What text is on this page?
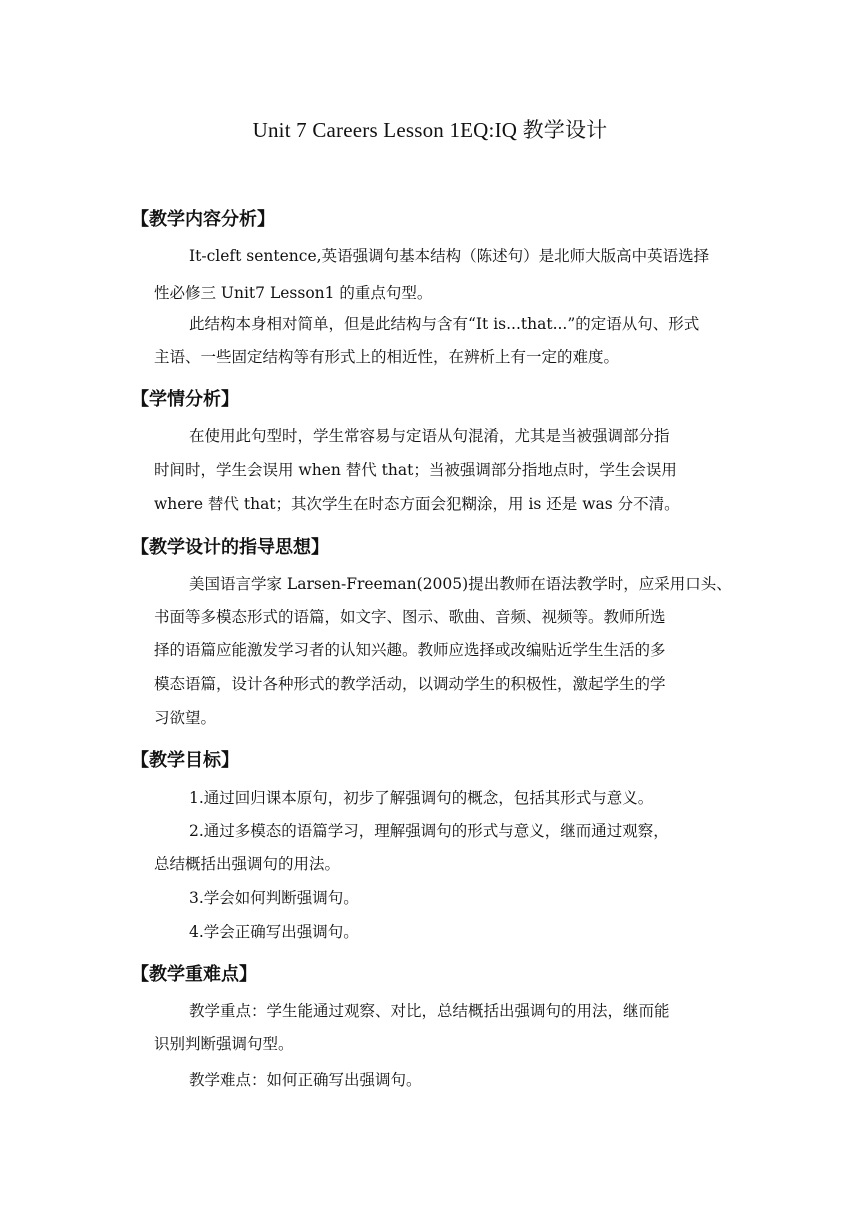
Unit 7 Careers Lesson 1EQ:IQ 教学设计
【教学内容分析】
It-cleft sentence,英语强调句基本结构（陈述句）是北师大版高中英语选择
性必修三 Unit7 Lesson1 的重点句型。
此结构本身相对简单，但是此结构与含有“It is...that...”的定语从句、形式
主语、一些固定结构等有形式上的相近性，在辨析上有一定的难度。
【学情分析】
在使用此句型时，学生常容易与定语从句混淆，尤其是当被强调部分指
时间时，学生会误用 when 替代 that；当被强调部分指地点时，学生会误用
where 替代 that；其次学生在时态方面会犯糊涂，用 is 还是 was 分不清。
【教学设计的指导思想】
美国语言学家 Larsen-Freeman(2005)提出教师在语法教学时，应采用口头、
书面等多模态形式的语篇，如文字、图示、歌曲、音频、视频等。教师所选
择的语篇应能激发学习者的认知兴趣。教师应选择或改编贴近学生生活的多
模态语篇，设计各种形式的教学活动，以调动学生的积极性，激起学生的学
习欲望。
【教学目标】
1.通过回归课本原句，初步了解强调句的概念，包括其形式与意义。
2.通过多模态的语篇学习，理解强调句的形式与意义，继而通过观察，
总结概括出强调句的用法。
3.学会如何判断强调句。
4.学会正确写出强调句。
【教学重难点】
教学重点：学生能通过观察、对比，总结概括出强调句的用法，继而能
识别判断强调句型。
教学难点：如何正确写出强调句。
